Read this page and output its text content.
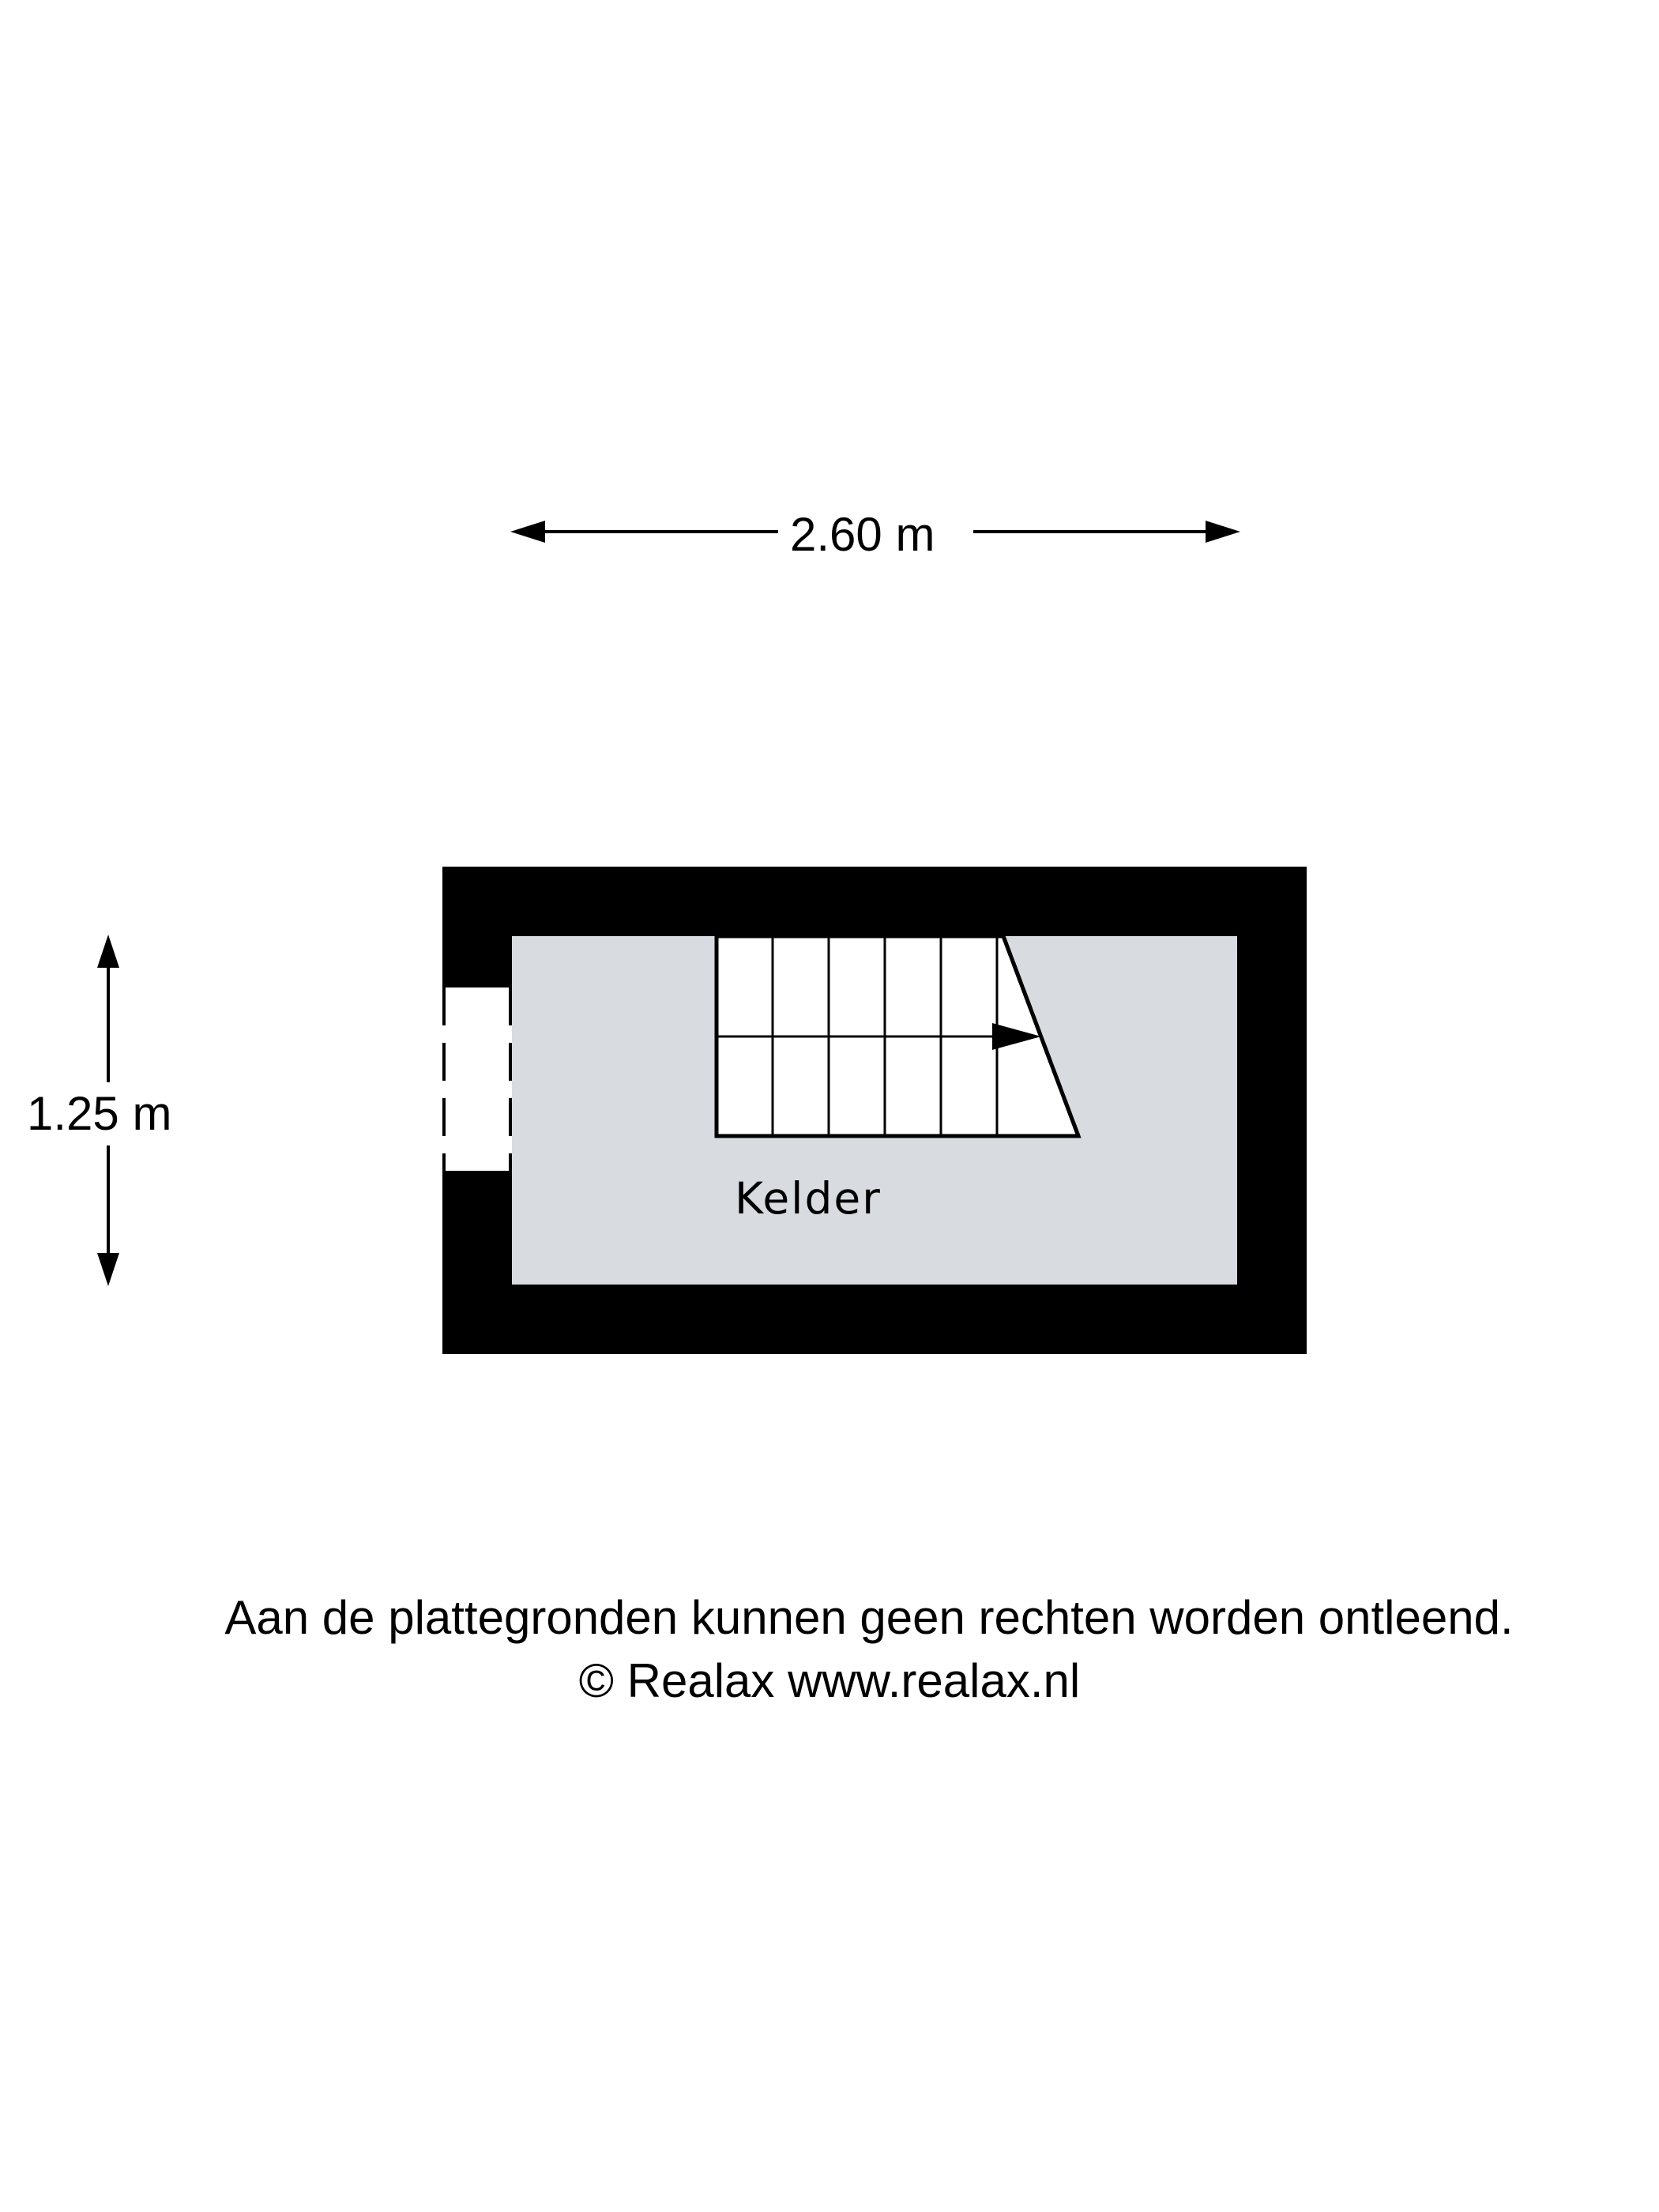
2.60 m
1.25 m
Kelder
Aan de plattegronden kunnen geen rechten worden ontleend.
© Realax www.realax.nl
